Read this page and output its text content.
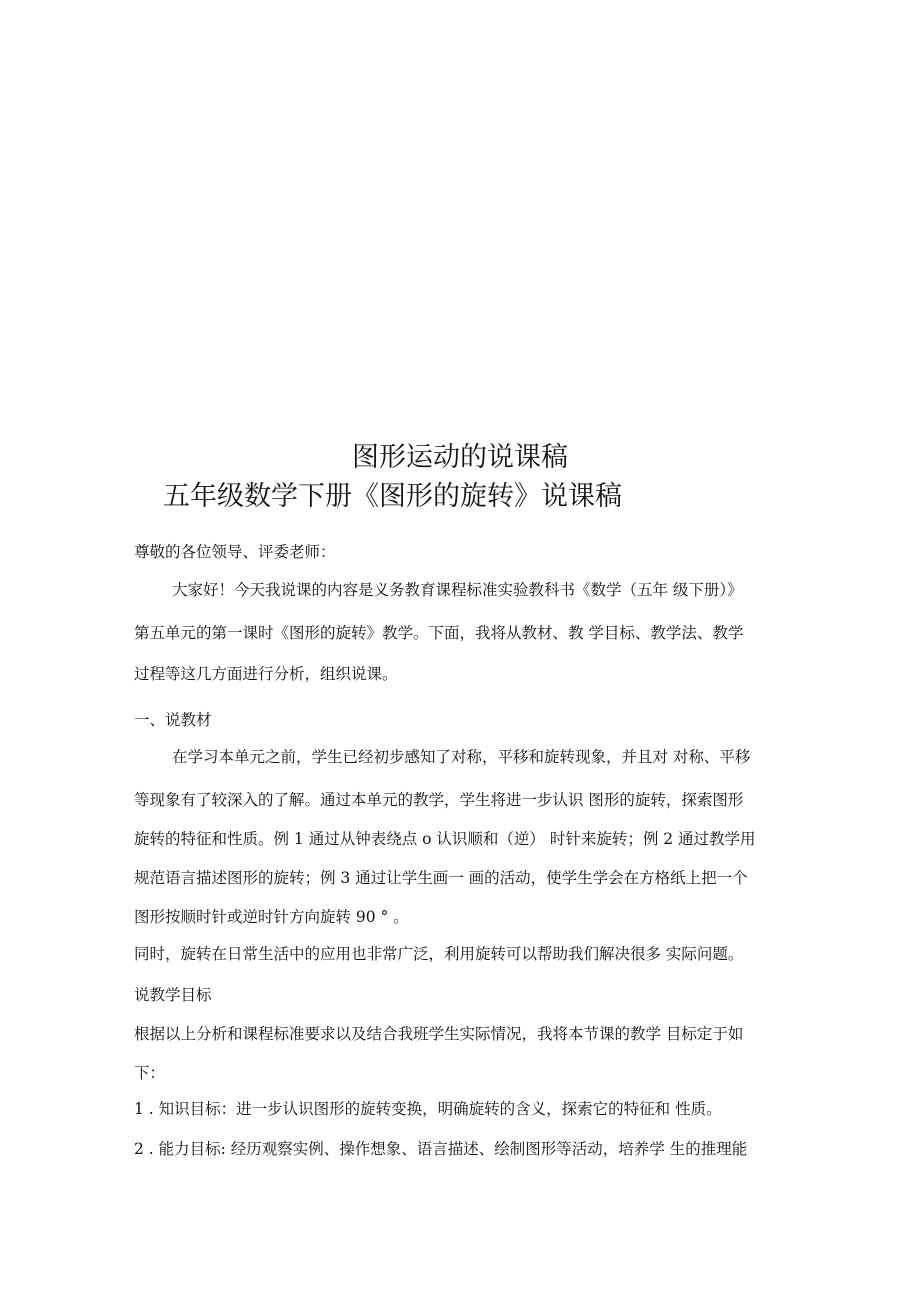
图形运动的说课稿
五年级数学下册《图形的旋转》说课稿

尊敬的各位领导、评委老师：

大家好！今天我说课的内容是义务教育课程标准实验教科书《数学（五年 级下册）》

第五单元的第一课时《图形的旋转》教学。下面，我将从教材、教 学目标、教学法、教学

过程等这几方面进行分析，组织说课。

一、说教材

在学习本单元之前，学生已经初步感知了对称，平移和旋转现象，并且对 对称、平移

等现象有了较深入的了解。通过本单元的教学，学生将进一步认识 图形的旋转，探索图形

旋转的特征和性质。例 1 通过从钟表绕点 o 认识顺和（逆） 时针来旋转；例 2 通过教学用

规范语言描述图形的旋转；例 3 通过让学生画一 画的活动，使学生学会在方格纸上把一个

图形按顺时针或逆时针方向旋转 90 ° 。

同时，旋转在日常生活中的应用也非常广泛，利用旋转可以帮助我们解决很多 实际问题。

说教学目标

根据以上分析和课程标准要求以及结合我班学生实际情况，我将本节课的教学 目标定于如

下：

1 . 知识目标：进一步认识图形的旋转变换，明确旋转的含义，探索它的特征和 性质。

2 . 能力目标: 经历观察实例、操作想象、语言描述、绘制图形等活动，培养学 生的推理能
